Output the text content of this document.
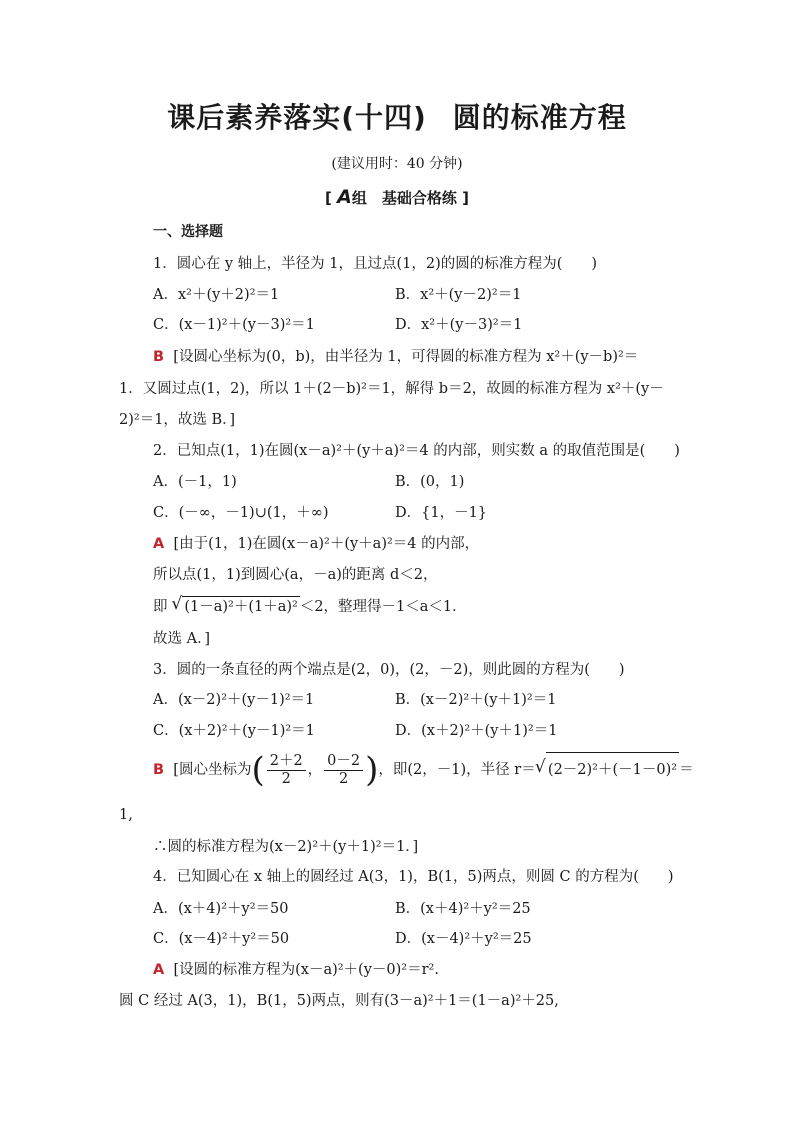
课后素养落实(十四) 圆的标准方程
(建议用时：40 分钟)
[ A组　基础合格练 ]
一、选择题
1．圆心在 y 轴上，半径为 1，且过点(1，2)的圆的标准方程为(　　)
A．x²＋(y＋2)²＝1	B．x²＋(y－2)²＝1
C．(x－1)²＋(y－3)²＝1	D．x²＋(y－3)²＝1
B [设圆心坐标为(0，b)，由半径为 1，可得圆的标准方程为 x²＋(y－b)²＝
1．又圆过点(1，2)，所以 1＋(2－b)²＝1，解得 b＝2，故圆的标准方程为 x²＋(y－
2)²＝1，故选 B．]
2．已知点(1，1)在圆(x－a)²＋(y＋a)²＝4 的内部，则实数 a 的取值范围是(　　)
A．(－1，1)	B．(0，1)
C．(－∞，－1)∪(1，＋∞)	D．{1，－1}
A [由于(1，1)在圆(x－a)²＋(y＋a)²＝4 的内部，
所以点(1，1)到圆心(a，－a)的距离 d＜2，
即 √ (1－a)²＋(1＋a)² ＜2，整理得－1＜a＜1．
故选 A．]
3．圆的一条直径的两个端点是(2，0)，(2，－2)，则此圆的方程为(　　)
A．(x－2)²＋(y－1)²＝1	B．(x－2)²＋(y＋1)²＝1
C．(x＋2)²＋(y－1)²＝1	D．(x＋2)²＋(y＋1)²＝1
B [圆心坐标为( $\frac{2+2}{2}$ ， $\frac{0-2}{2}$ )，即(2，－1)，半径 r＝ √ (2－2)²＋(－1－0)² ＝
1,
∴圆的标准方程为(x－2)²＋(y＋1)²＝1．]
4．已知圆心在 x 轴上的圆经过 A(3，1)，B(1，5)两点，则圆 C 的方程为(　　)
A．(x＋4)²＋y²＝50	B．(x＋4)²＋y²＝25
C．(x－4)²＋y²＝50	D．(x－4)²＋y²＝25
A [设圆的标准方程为(x－a)²＋(y－0)²＝r².
圆 C 经过 A(3，1)，B(1，5)两点，则有(3－a)²＋1＝(1－a)²＋25,
